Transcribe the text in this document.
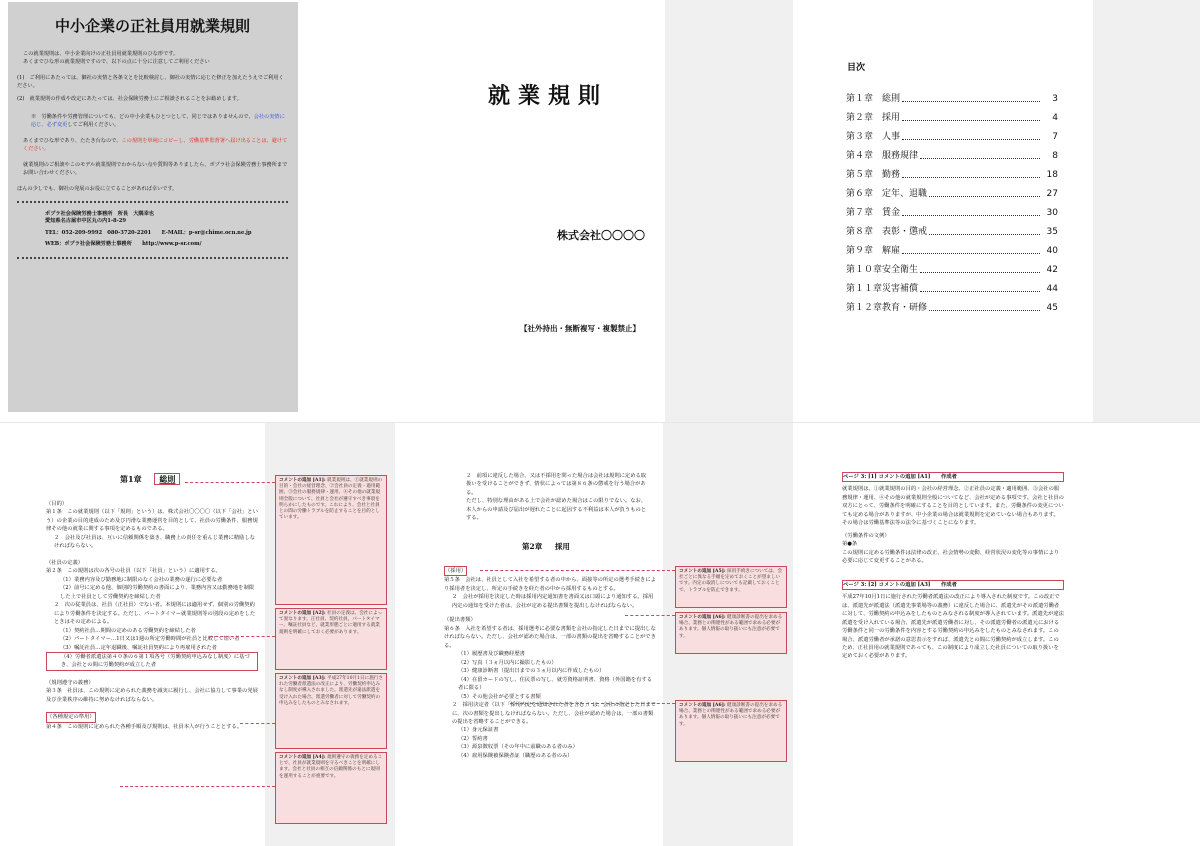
中小企業の正社員用就業規則

この就業規則は、中小企業向けの正社員用就業規則のひな形です。

あくまでひな形の就業規則ですので、以下の点に十分に注意してご利用ください

(1)　ご利用にあたっては、御社の実情と各条文とを比較検討し、御社の実情に応じた修正を加えたうえでご利用ください。

(2)　就業規則の作成や改定にあたっては、社会保険労務士にご相談されることをお勧めします。

※　労働条件や労務管理についても、どの中小企業もひとつとして、同じではありませんので、会社の実情に応じ、必ず変更してご利用ください。

あくまでひな形であり、たたき台なので、この規則を単純にコピーし、労働基準監督署へ届け出ることは、避けてください。

就業規則のご相談やこのモデル就業規則でわからない点や質問等ありましたら、ポプラ社会保険労務士事務所までお問い合わせください。

ほんの少しでも、御社の発展のお役に立てることがあれば幸いです。

ポプラ社会保険労務士事務所　所長　大隅幸也

愛知県名古屋市中区丸の内1-8-29

TEL：052-209-9992　080-3720-2201　　E-MAIL：p-sr@chime.ocn.ne.jp

WEB：ポプラ社会保険労務士事務所　　http://www.p-sr.com/

就業規則
株式会社〇〇〇〇
【社外持出・無断複写・複製禁止】
目次
第１章　総則	3
第２章　採用	4
第３章　人事	7
第４章　服務規律	8
第５章　勤務	18
第６章　定年、退職	27
第７章　賃金	30
第８章　表彰・懲戒	35
第９章　解雇	40
第１０章安全衛生	42
第１１章災害補償	44
第１２章教育・研修	45
第1章 総則

（目的）

第１条　この就業規則（以下「規則」という）は、株式会社〇〇〇〇（以下「会社」という）の企業の目的達成のため及び円滑な業務運営を目的として、社員の労働条件、服務規律その他の就業に関する事項を定めるものである。

２　会社及び社員は、互いに信頼関係を築き、職務上の責任を重んじ業務に精励しなければならない。

（社員の定義）

第２条　この規則は次の各号の社員（以下「社員」という）に適用する。

（1）業務内容及び勤務地に制限のなく会社の業務の遂行に必要な者

（2）前号に定める他、個別的労働契約の書面により、業務内容又は勤務地を制限した上で社員として労働契約を締結した者

２　次の従業員は、社員（正社員）でない者。本規則には適用せず、個別の労働契約により労働条件を決定する。ただし、パートタイマー就業規則等の別段の定めをしたときはその定めによる。

（1）契約社員…期間の定めのある労働契約を締結した者

（2）パートタイマー…1日又は1週の所定労働時間が社員と比較して短い者

（3）嘱託社員…定年退職後、嘱託社員契約により再雇用された者

（4）労働者派遣法第４０条の６第１項各号（労働契約申込みなし制度）に基づき、会社との間に労働契約が成立した者

（規則遵守の義務）

第３条　社員は、この規則に定められた義務を誠実に履行し、会社に協力して事業の発展及び企業秩序の維持に努めなければならない。

（各種規定の準用）

第４条　この規則に定められた各種手順及び規則は、社員本人が行うこととする。

コメントの追加 [A1]: 就業規則は、①就業規則の目的・会社の経営理念、②会社員の定義・適用範囲、③会社の服務規律・運用、④その他の就業規則全般について、社員と会社が遵守すべき事項を明らかにしたものです。これにより、会社と社員との間の労働トラブルを防止することを目的としています。
コメントの追加 [A2]: 社員の定義は、会社によって異なります。正社員、契約社員、パートタイマー、嘱託社員など、就業形態ごとに適用する就業規則を明確にしておく必要があります。
コメントの追加 [A3]: 平成27年10月1日に施行された労働者派遣法の改正により、労働契約申込みなし制度が導入されました。派遣先が違法派遣を受け入れた場合、派遣労働者に対して労働契約の申込みをしたものとみなされます。
コメントの追加 [A4]: 規則遵守の義務を定めることで、社員が就業規則を守るべきことを明確にします。会社と社員の相互の信頼関係のもとに規則を運用することが重要です。

２　前項に違反した場合、又は不採用を問った場合は会社は規則に定める取扱いを受けることができず、情状によっては第８６条の懲戒を行う場合がある。

ただし、特別な理由がある上で会社が認めた場合はこの限りでない。なお、本人からの申請及び届出が遅れたことに起因する不利益は本人が負うものとする。

第2章 採用

（採用）

第５条　会社は、社員として入社を希望する者の中から、面接等の所定の選考手続きにより採用者を決定し、所定の手続きを経た者の中から採用するものとする。

２　会社が採用を決定した時は採用内定通知書を書面又は口頭により通知する。採用内定の通知を受けた者は、会社が定める提出書類を提出しなければならない。

（提出書類）

第６条　入社を希望する者は、採用選考に必要な書類を会社の指定した日までに提出しなければならない。ただし、会社が認めた場合は、一部の書類の提出を省略することができる。

（1）履歴書及び職務経歴書

（2）写真（３ヵ月以内に撮影したもの）

（3）健康診断書（提出日までの３ヵ月以内に作成したもの）

（4）在留カードの写し、住民票の写し、就労資格証明書、資格（外国籍を有する者に限る）

（5）その他会社が必要とする書類

２　採用決定者（以下「採用内定を通知された者を含む」）は、会社の指定した日までに、次の書類を提出しなければならない。ただし、会社が認めた場合は、一部の書類の提出を省略することができる。

（1）身元保証書

（2）誓約書

（3）源泉徴収票（その年中に前職のある者のみ）

（4）雇用保険被保険者証（職歴のある者のみ）

コメントの追加 [A5]: 採用手続きについては、会社ごとに異なる手順を定めておくことが望ましいです。内定の取消しについても記載しておくことで、トラブルを防止できます。
コメントの追加 [A6]: 健康診断書の提出を求める場合、業務との関連性がある範囲で求める必要があります。個人情報の取り扱いにも注意が必要です。
コメントの追加 [A6]: 健康診断書の提出を求める場合、業務との関連性がある範囲で求める必要があります。個人情報の取り扱いにも注意が必要です。

ページ 3: [1] コメントの追加 [A1]　　作成者

就業規則は、①就業規則の目的・会社の経営理念、②正社員の定義・適用範囲、③会社の服務規律・運用、④その他の就業規則全般についてなど、会社が定める事項です。会社と社員の双方にとって、労働条件を明確にすることを目的としています。また、労働条件の変更についても定める場合がありますが、中小企業の場合は就業規則を定めていない場合もあります。その場合は労働基準法等の法令に基づくことになります。

（労働条件の文例）

第●条

この規則に定める労働条件は法律の改正、社会情勢の変動、経営状況の変化等の事情により必要に応じて変更することがある。

ページ 3: [2] コメントの追加 [A3]　　作成者

平成27年10月1日に施行された労働者派遣法の改正により導入された制度です。この改正では、派遣先が派遣法（派遣先事業場等の義務）に違反した場合に、派遣先がその派遣労働者に対して、労働契約の申込みをしたものとみなされる制度が導入されています。派遣先が違法派遣を受け入れている場合、派遣先が派遣労働者に対し、その派遣労働者の派遣元における労働条件と同一の労働条件を内容とする労働契約の申込みをしたものとみなされます。この場合、派遣労働者が承諾の意思表示をすれば、派遣先との間に労働契約が成立します。このため、正社員用の就業規則であっても、この制度により成立した社員についての取り扱いを定めておく必要があります。
